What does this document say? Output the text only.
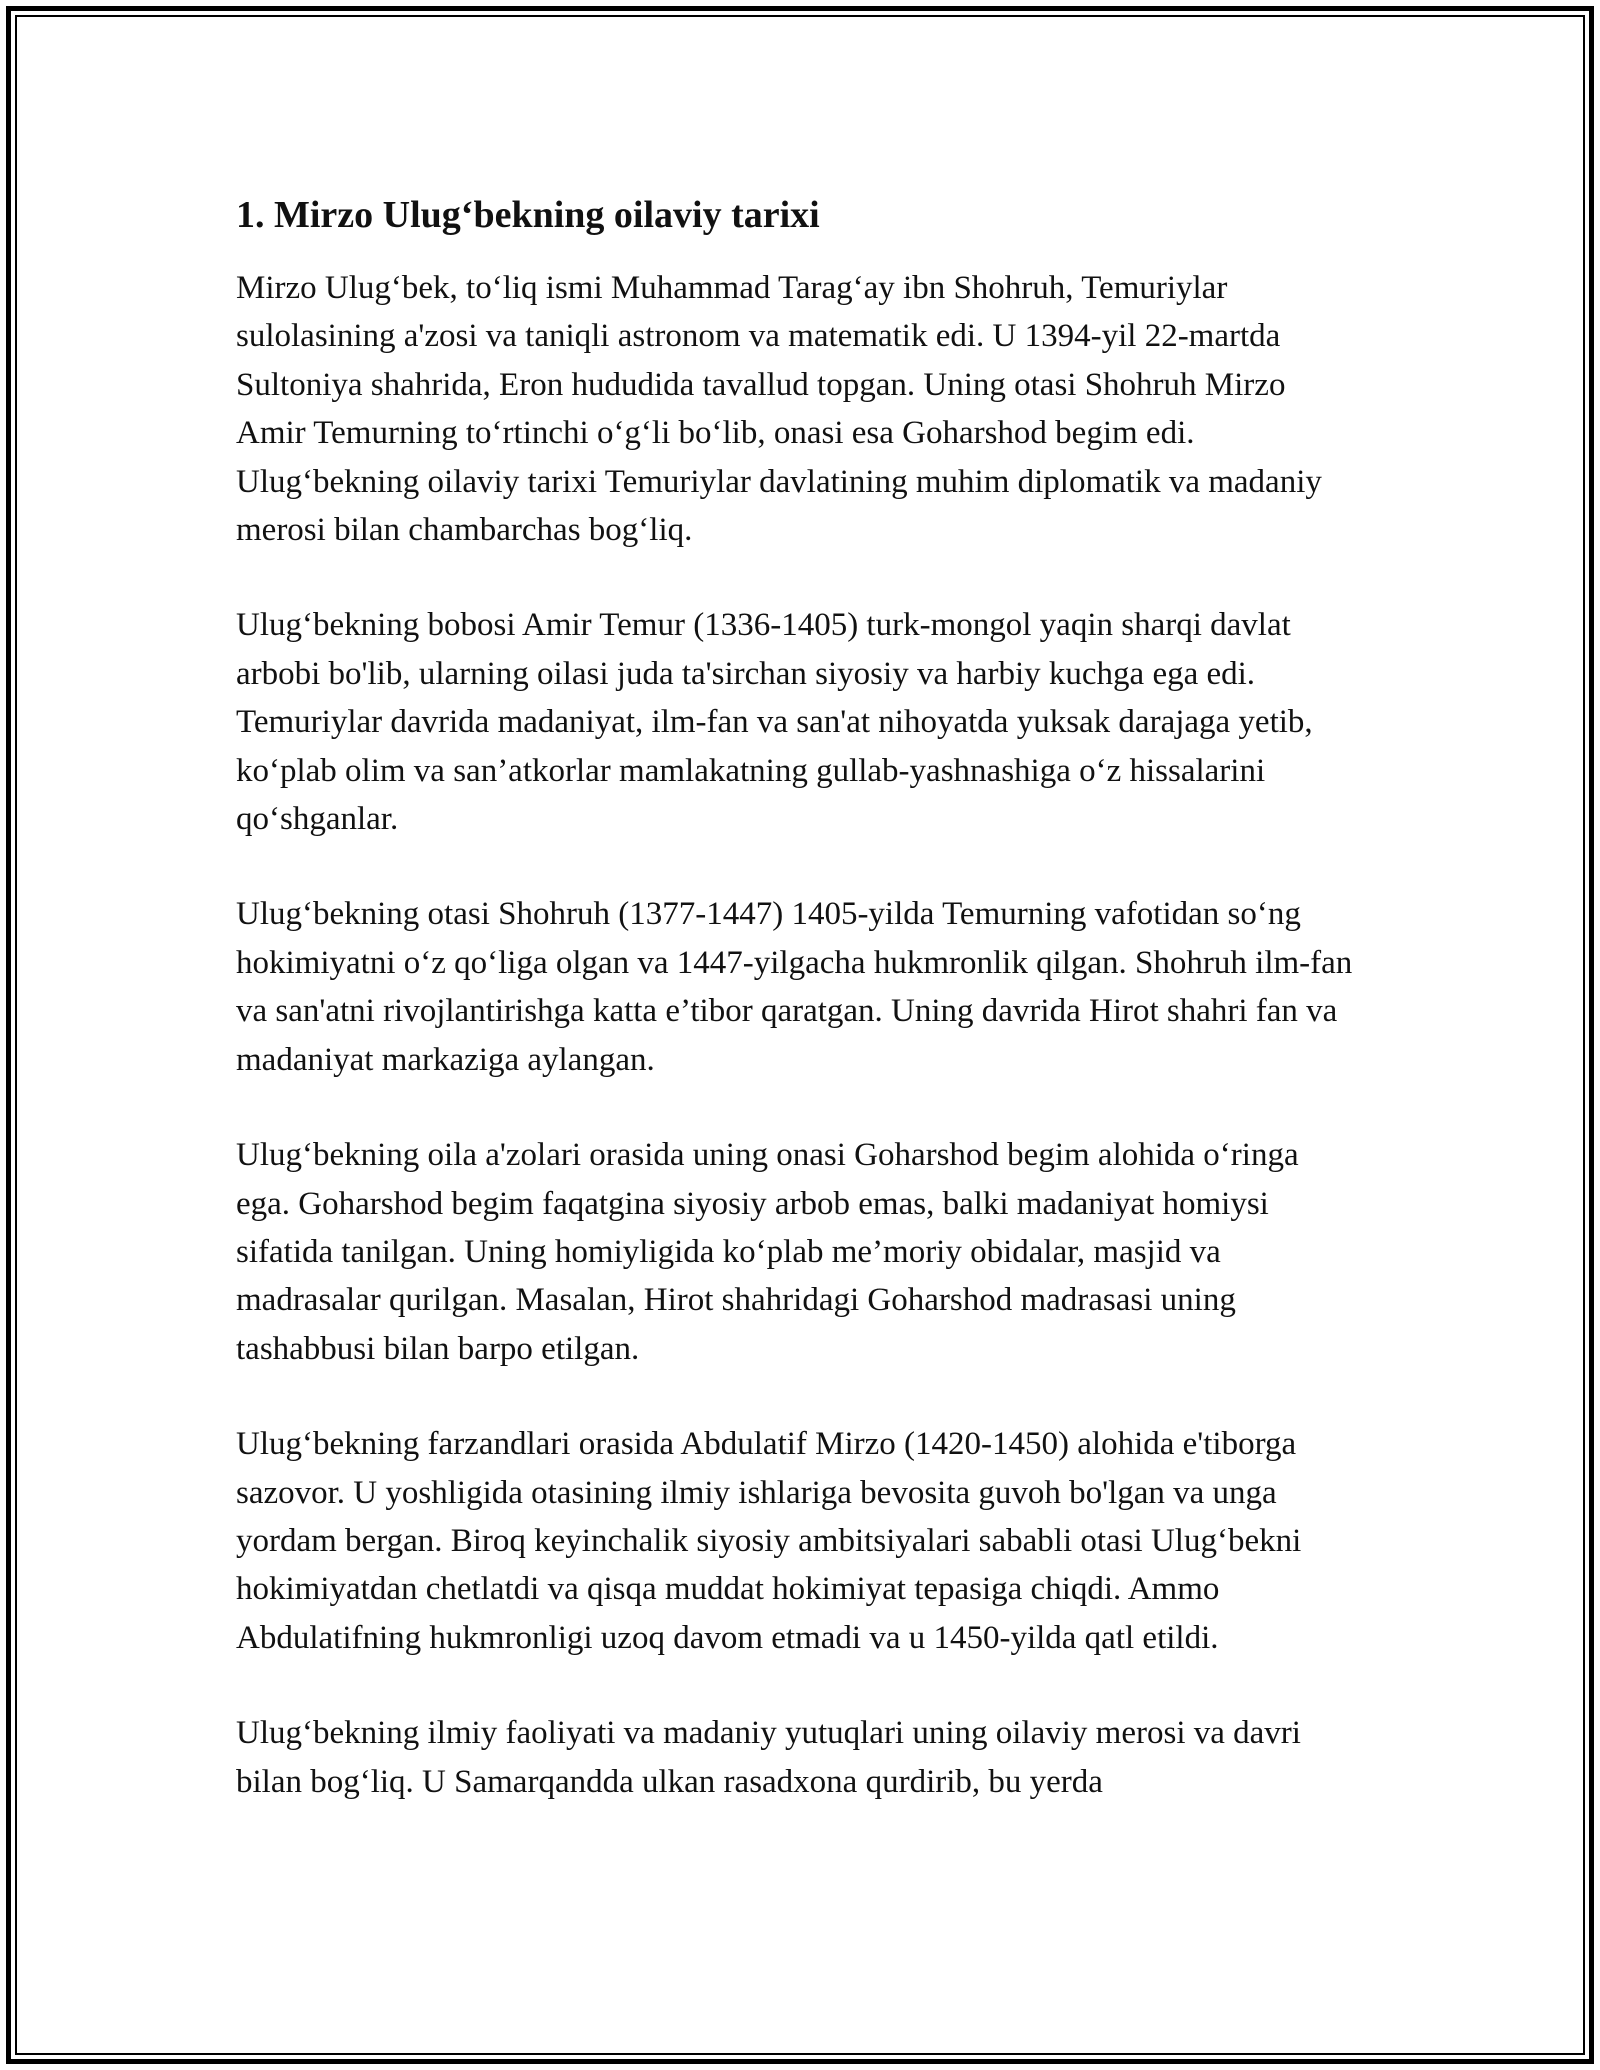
1. Mirzo Ulug‘bekning oilaviy tarixi

Mirzo Ulug‘bek, to‘liq ismi Muhammad Tarag‘ay ibn Shohruh, Temuriylar sulolasining a'zosi va taniqli astronom va matematik edi. U 1394-yil 22-martda Sultoniya shahrida, Eron hududida tavallud topgan. Uning otasi Shohruh Mirzo Amir Temurning to‘rtinchi o‘g‘li bo‘lib, onasi esa Goharshod begim edi. Ulug‘bekning oilaviy tarixi Temuriylar davlatining muhim diplomatik va madaniy merosi bilan chambarchas bog‘liq.

Ulug‘bekning bobosi Amir Temur (1336-1405) turk-mongol yaqin sharqi davlat arbobi bo'lib, ularning oilasi juda ta'sirchan siyosiy va harbiy kuchga ega edi. Temuriylar davrida madaniyat, ilm-fan va san'at nihoyatda yuksak darajaga yetib, ko‘plab olim va san’atkorlar mamlakatning gullab-yashnashiga o‘z hissalarini qo‘shganlar.

Ulug‘bekning otasi Shohruh (1377-1447) 1405-yilda Temurning vafotidan so‘ng hokimiyatni o‘z qo‘liga olgan va 1447-yilgacha hukmronlik qilgan. Shohruh ilm-fan va san'atni rivojlantirishga katta e’tibor qaratgan. Uning davrida Hirot shahri fan va madaniyat markaziga aylangan.

Ulug‘bekning oila a'zolari orasida uning onasi Goharshod begim alohida o‘ringa ega. Goharshod begim faqatgina siyosiy arbob emas, balki madaniyat homiysi sifatida tanilgan. Uning homiyligida ko‘plab me’moriy obidalar, masjid va madrasalar qurilgan. Masalan, Hirot shahridagi Goharshod madrasasi uning tashabbusi bilan barpo etilgan.

Ulug‘bekning farzandlari orasida Abdulatif Mirzo (1420-1450) alohida e'tiborga sazovor. U yoshligida otasining ilmiy ishlariga bevosita guvoh bo'lgan va unga yordam bergan. Biroq keyinchalik siyosiy ambitsiyalari sababli otasi Ulug‘bekni hokimiyatdan chetlatdi va qisqa muddat hokimiyat tepasiga chiqdi. Ammo Abdulatifning hukmronligi uzoq davom etmadi va u 1450-yilda qatl etildi.

Ulug‘bekning ilmiy faoliyati va madaniy yutuqlari uning oilaviy merosi va davri bilan bog‘liq. U Samarqandda ulkan rasadxona qurdirib, bu yerda
